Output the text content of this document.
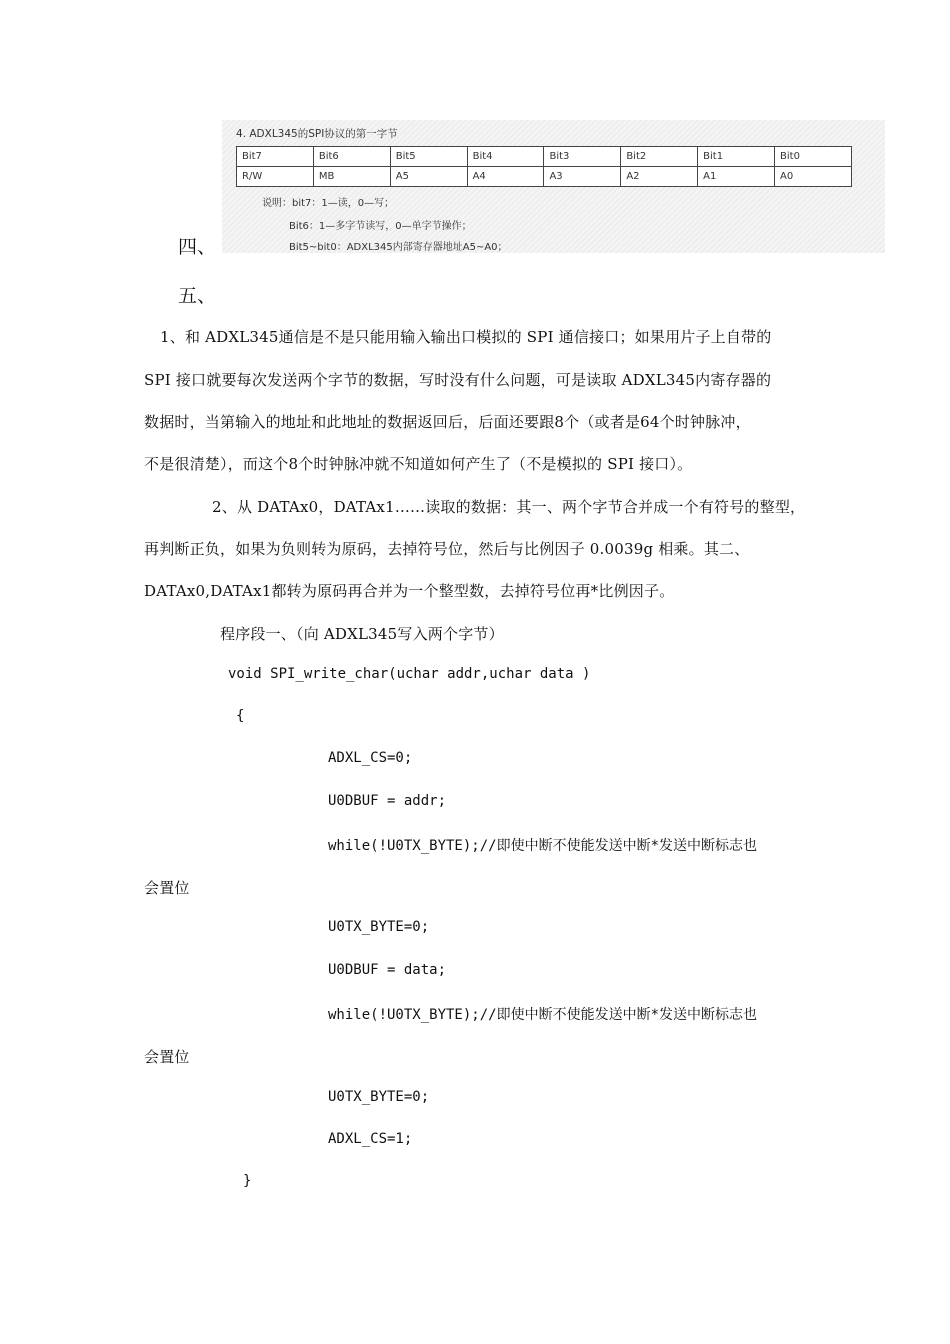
4. ADXL345的SPI协议的第一字节
Bit7	Bit6	Bit5	Bit4	Bit3	Bit2	Bit1	Bit0
R/W	MB	A5	A4	A3	A2	A1	A0
说明：bit7：1—读，0—写；
Bit6：1—多字节读写，0—单字节操作；
Bit5~bit0：ADXL345内部寄存器地址A5~A0；
四、
五、
1、和 ADXL345通信是不是只能用输入输出口模拟的 SPI 通信接口；如果用片子上自带的
SPI 接口就要每次发送两个字节的数据，写时没有什么问题，可是读取 ADXL345内寄存器的
数据时，当第输入的地址和此地址的数据返回后，后面还要跟8个（或者是64个时钟脉冲，
不是很清楚），而这个8个时钟脉冲就不知道如何产生了（不是模拟的 SPI 接口）。
2、从 DATAx0，DATAx1……读取的数据：其一、两个字节合并成一个有符号的整型，
再判断正负，如果为负则转为原码，去掉符号位，然后与比例因子 0.0039g 相乘。其二、
DATAx0,DATAx1都转为原码再合并为一个整型数，去掉符号位再*比例因子。
程序段一、（向 ADXL345写入两个字节）
void SPI_write_char(uchar addr,uchar data )
{
ADXL_CS=0;
U0DBUF = addr;
while(!U0TX_BYTE);//即使中断不使能发送中断*发送中断标志也
会置位
U0TX_BYTE=0;
U0DBUF = data;
while(!U0TX_BYTE);//即使中断不使能发送中断*发送中断标志也
会置位
U0TX_BYTE=0;
ADXL_CS=1;
}
